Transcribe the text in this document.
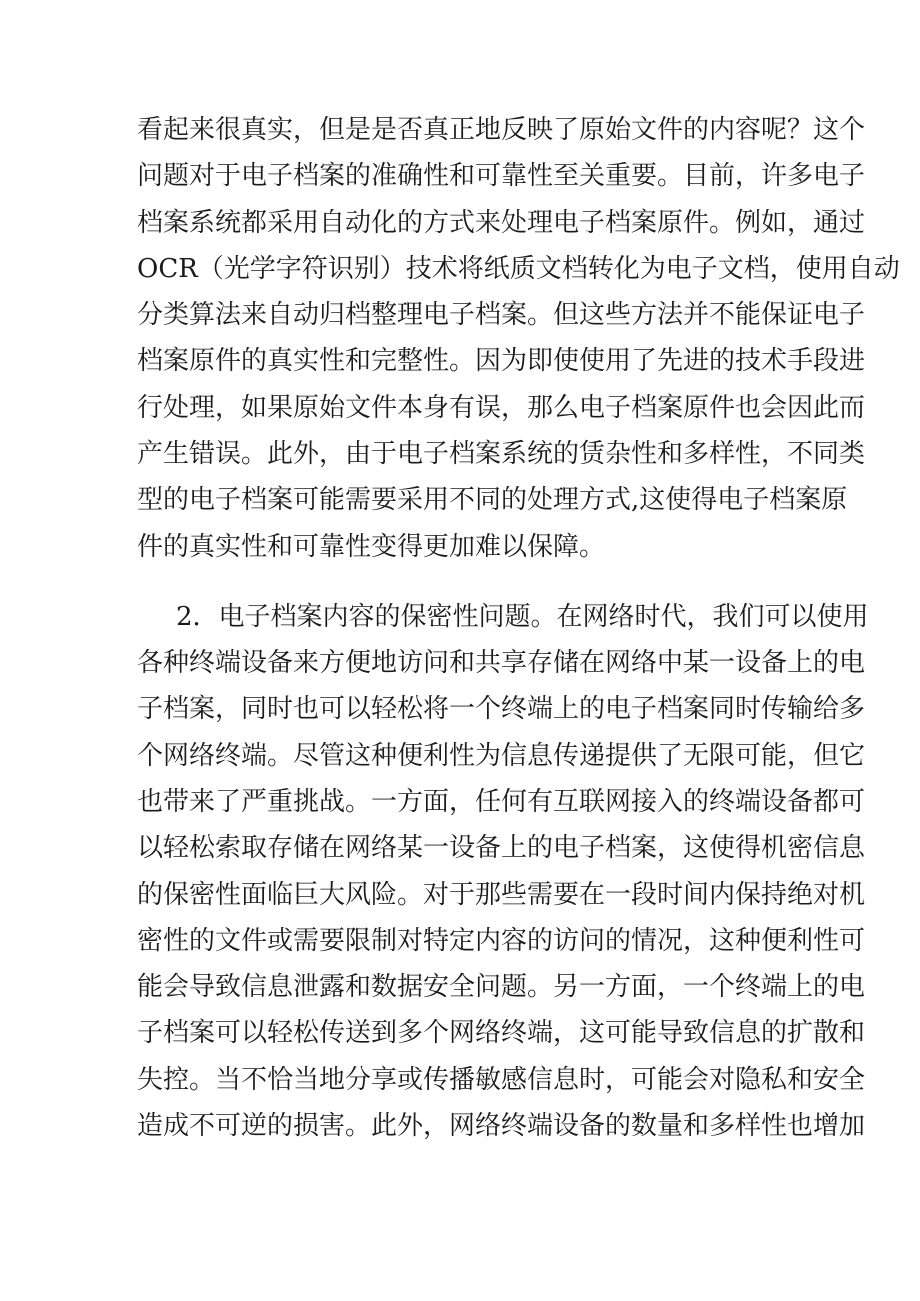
看起来很真实，但是是否真正地反映了原始文件的内容呢？这个
问题对于电子档案的准确性和可靠性至关重要。目前，许多电子
档案系统都采用自动化的方式来处理电子档案原件。例如，通过
OCR（光学字符识别）技术将纸质文档转化为电子文档，使用自动
分类算法来自动归档整理电子档案。但这些方法并不能保证电子
档案原件的真实性和完整性。因为即使使用了先进的技术手段进
行处理，如果原始文件本身有误，那么电子档案原件也会因此而
产生错误。此外，由于电子档案系统的赁杂性和多样性，不同类
型的电子档案可能需要采用不同的处理方式,这使得电子档案原
件的真实性和可靠性变得更加难以保障。
2．电子档案内容的保密性问题。在网络时代，我们可以使用
各种终端设备来方便地访问和共享存储在网络中某一设备上的电
子档案，同时也可以轻松将一个终端上的电子档案同时传输给多
个网络终端。尽管这种便利性为信息传递提供了无限可能，但它
也带来了严重挑战。一方面，任何有互联网接入的终端设备都可
以轻松索取存储在网络某一设备上的电子档案，这使得机密信息
的保密性面临巨大风险。对于那些需要在一段时间内保持绝对机
密性的文件或需要限制对特定内容的访问的情况，这种便利性可
能会导致信息泄露和数据安全问题。另一方面，一个终端上的电
子档案可以轻松传送到多个网络终端，这可能导致信息的扩散和
失控。当不恰当地分享或传播敏感信息时，可能会对隐私和安全
造成不可逆的损害。此外，网络终端设备的数量和多样性也增加
